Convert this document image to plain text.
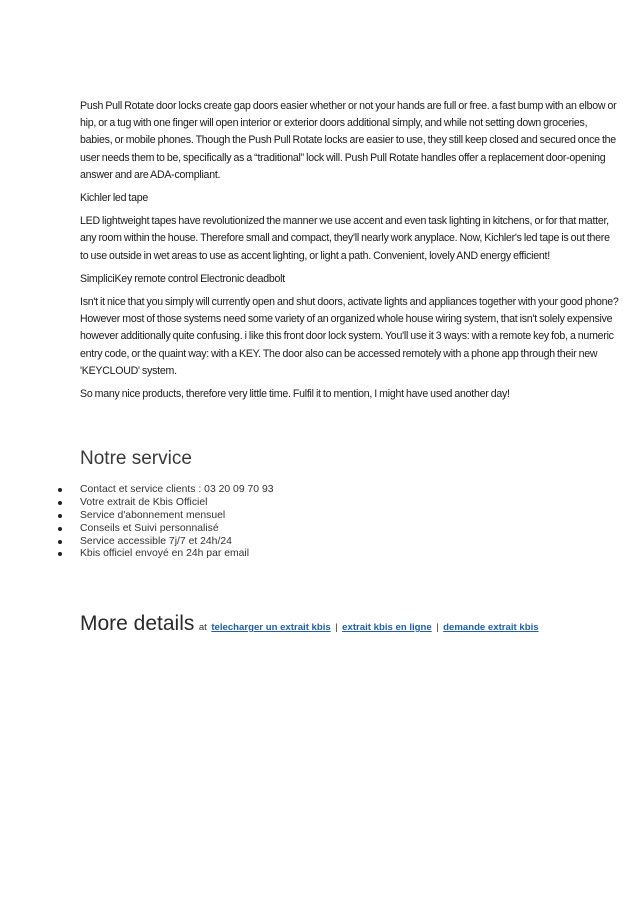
Push Pull Rotate door locks create gap doors easier whether or not your hands are full or free. a fast bump with an elbow or hip, or a tug with one finger will open interior or exterior doors additional simply, and while not setting down groceries, babies, or mobile phones. Though the Push Pull Rotate locks are easier to use, they still keep closed and secured once the user needs them to be, specifically as a “traditional” lock will. Push Pull Rotate handles offer a replacement door-opening answer and are ADA-compliant.

Kichler led tape

LED lightweight tapes have revolutionized the manner we use accent and even task lighting in kitchens, or for that matter, any room within the house. Therefore small and compact, they'll nearly work anyplace. Now, Kichler's led tape is out there to use outside in wet areas to use as accent lighting, or light a path. Convenient, lovely AND energy efficient!

SimpliciKey remote control Electronic deadbolt

Isn't it nice that you simply will currently open and shut doors, activate lights and appliances together with your good phone? However most of those systems need some variety of an organized whole house wiring system, that isn't solely expensive however additionally quite confusing. i like this front door lock system. You'll use it 3 ways: with a remote key fob, a numeric entry code, or the quaint way: with a KEY. The door also can be accessed remotely with a phone app through their new 'KEYCLOUD' system.

So many nice products, therefore very little time. Fulfil it to mention, I might have used another day!

Notre service
Contact et service clients : 03 20 09 70 93
Votre extrait de Kbis Officiel
Service d'abonnement mensuel
Conseils et Suivi personnalisé
Service accessible 7j/7 et 24h/24
Kbis officiel envoyé en 24h par email
More details at telecharger un extrait kbis | extrait kbis en ligne | demande extrait kbis
